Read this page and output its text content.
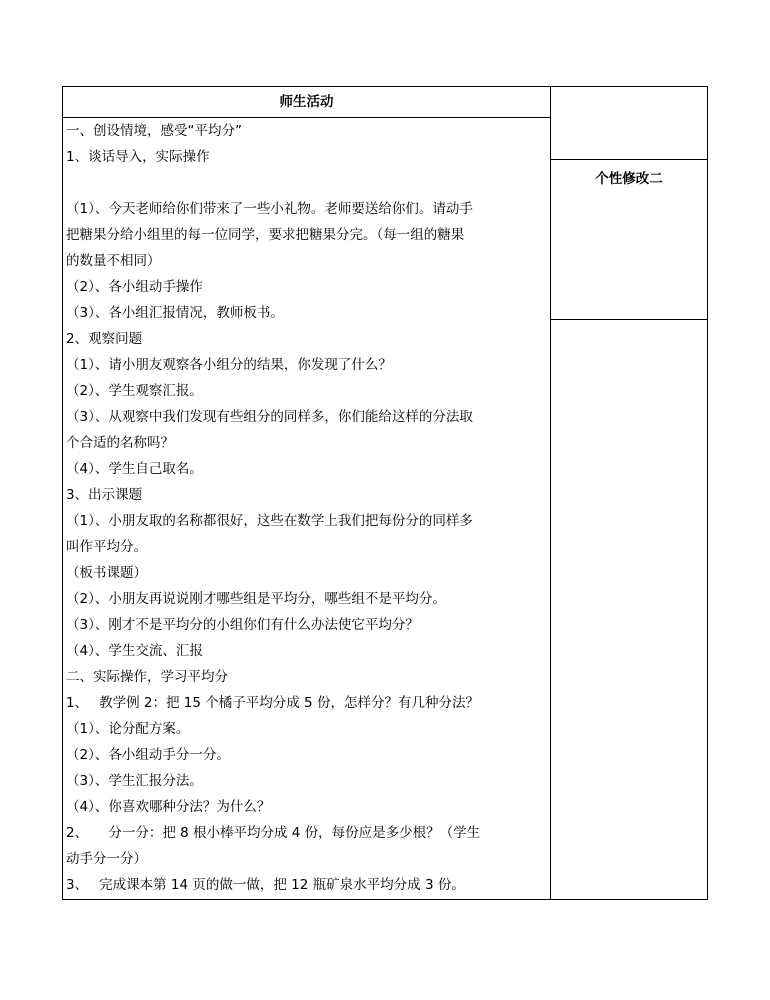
师生活动
个性修改二
一、创设情境，感受“平均分”
1、谈话导入，实际操作
（1）、今天老师给你们带来了一些小礼物。老师要送给你们。请动手
把糖果分给小组里的每一位同学，要求把糖果分完。（每一组的糖果
的数量不相同）
（2）、各小组动手操作
（3）、各小组汇报情况，教师板书。
2、观察问题
（1）、请小朋友观察各小组分的结果，你发现了什么？
（2）、学生观察汇报。
（3）、从观察中我们发现有些组分的同样多，你们能给这样的分法取
个合适的名称吗？
（4）、学生自己取名。
3、出示课题
（1）、小朋友取的名称都很好，这些在数学上我们把每份分的同样多
叫作平均分。
（板书课题）
（2）、小朋友再说说刚才哪些组是平均分，哪些组不是平均分。
（3）、刚才不是平均分的小组你们有什么办法使它平均分？
（4）、学生交流、汇报
二、实际操作，学习平均分
1、　 教学例 2：把 15 个橘子平均分成 5 份，怎样分？有几种分法？
（1）、论分配方案。
（2）、各小组动手分一分。
（3）、学生汇报分法。
（4）、你喜欢哪种分法？为什么？
2、　　分一分：把 8 根小棒平均分成 4 份，每份应是多少根？（学生
动手分一分）
3、　 完成课本第 14 页的做一做，把 12 瓶矿泉水平均分成 3 份。
